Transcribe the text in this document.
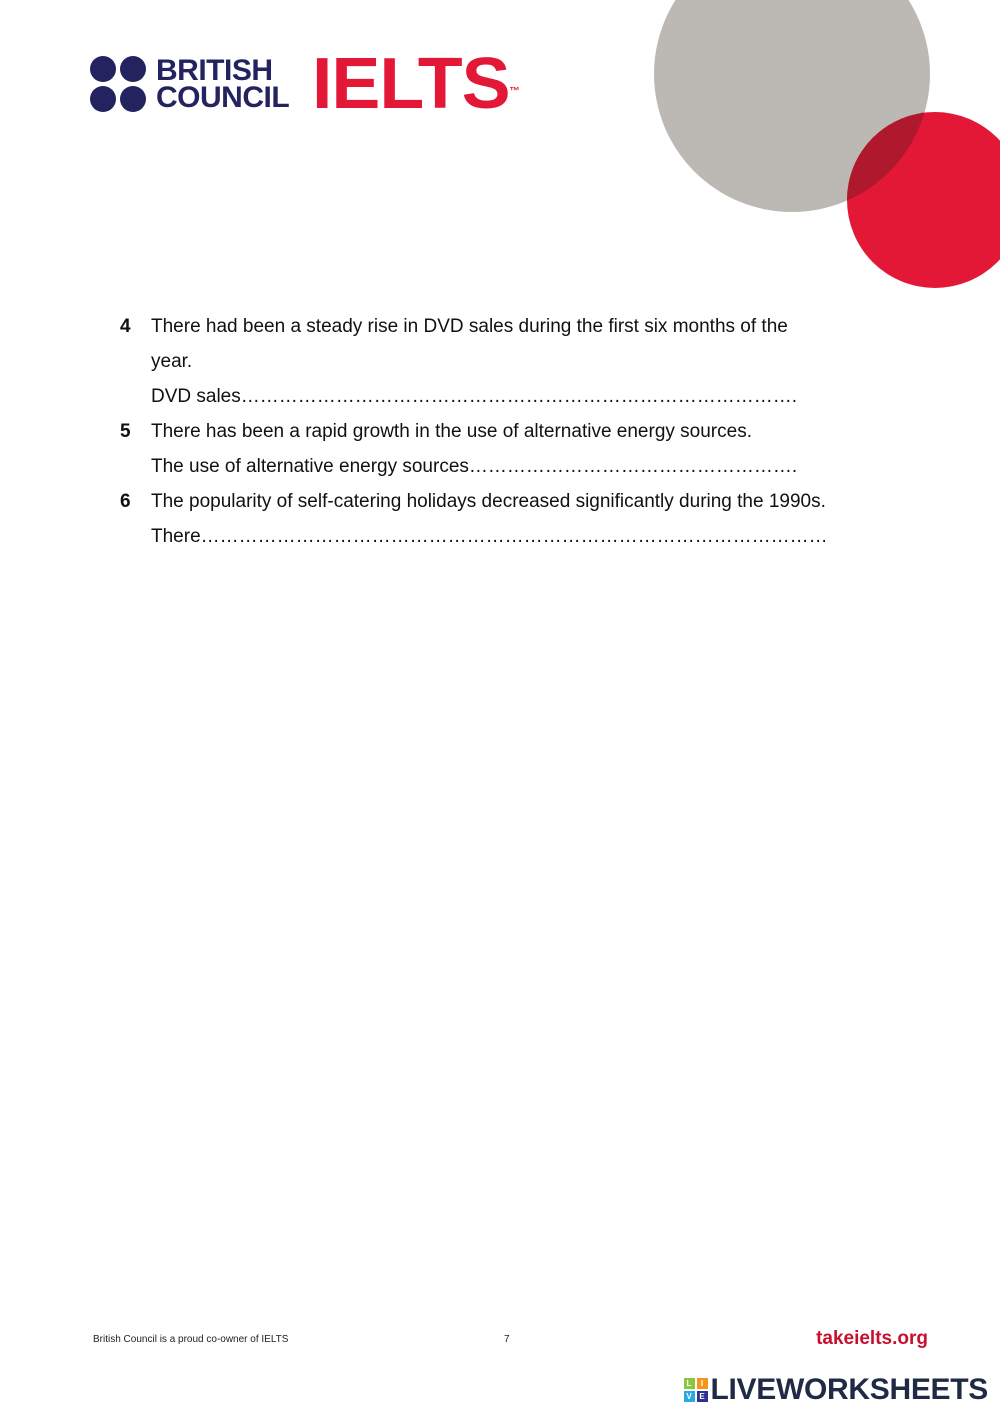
BRITISH
COUNCIL IELTS™
4	There had been a steady rise in DVD sales during the first six months of the
year.
DVD sales…………………………………………………………………………….
5	There has been a rapid growth in the use of alternative energy sources.
The use of alternative energy sources…………………………………………….
6	The popularity of self-catering holidays decreased significantly during the 1990s.
There………………………………………………………………………………………
British Council is a proud co-owner of IELTS	7	takeielts.org
L	I
V E LIVEWORKSHEETS
